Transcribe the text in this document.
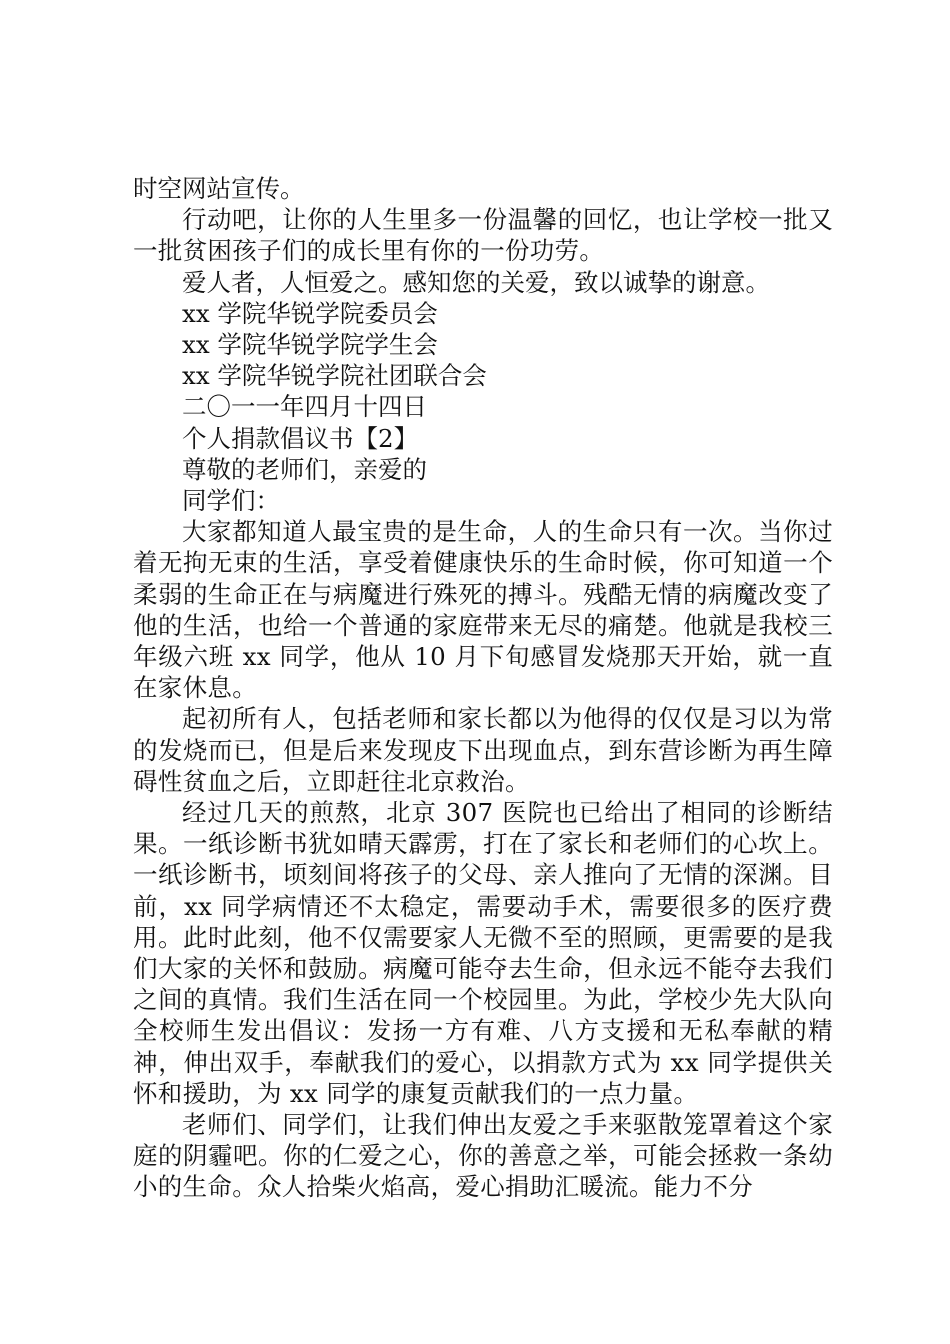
时空网站宣传。

行动吧，让你的人生里多一份温馨的回忆，也让学校一批又一批贫困孩子们的成长里有你的一份功劳。

爱人者，人恒爱之。感知您的关爱，致以诚挚的谢意。
xx 学院华锐学院委员会
xx 学院华锐学院学生会
xx 学院华锐学院社团联合会
二〇一一年四月十四日
个人捐款倡议书【2】
尊敬的老师们，亲爱的
同学们：

大家都知道人最宝贵的是生命，人的生命只有一次。当你过着无拘无束的生活，享受着健康快乐的生命时候，你可知道一个柔弱的生命正在与病魔进行殊死的搏斗。残酷无情的病魔改变了他的生活，也给一个普通的家庭带来无尽的痛楚。他就是我校三年级六班 xx 同学，他从 10 月下旬感冒发烧那天开始，就一直在家休息。

起初所有人，包括老师和家长都以为他得的仅仅是习以为常的发烧而已，但是后来发现皮下出现血点，到东营诊断为再生障碍性贫血之后，立即赶往北京救治。

经过几天的煎熬，北京 307 医院也已给出了相同的诊断结果。一纸诊断书犹如晴天霹雳，打在了家长和老师们的心坎上。一纸诊断书，顷刻间将孩子的父母、亲人推向了无情的深渊。目前，xx 同学病情还不太稳定，需要动手术，需要很多的医疗费用。此时此刻，他不仅需要家人无微不至的照顾，更需要的是我们大家的关怀和鼓励。病魔可能夺去生命，但永远不能夺去我们之间的真情。我们生活在同一个校园里。为此，学校少先大队向全校师生发出倡议：发扬一方有难、八方支援和无私奉献的精神，伸出双手，奉献我们的爱心，以捐款方式为 xx 同学提供关怀和援助，为 xx 同学的康复贡献我们的一点力量。

老师们、同学们，让我们伸出友爱之手来驱散笼罩着这个家庭的阴霾吧。你的仁爱之心，你的善意之举，可能会拯救一条幼小的生命。众人拾柴火焰高，爱心捐助汇暖流。能力不分
